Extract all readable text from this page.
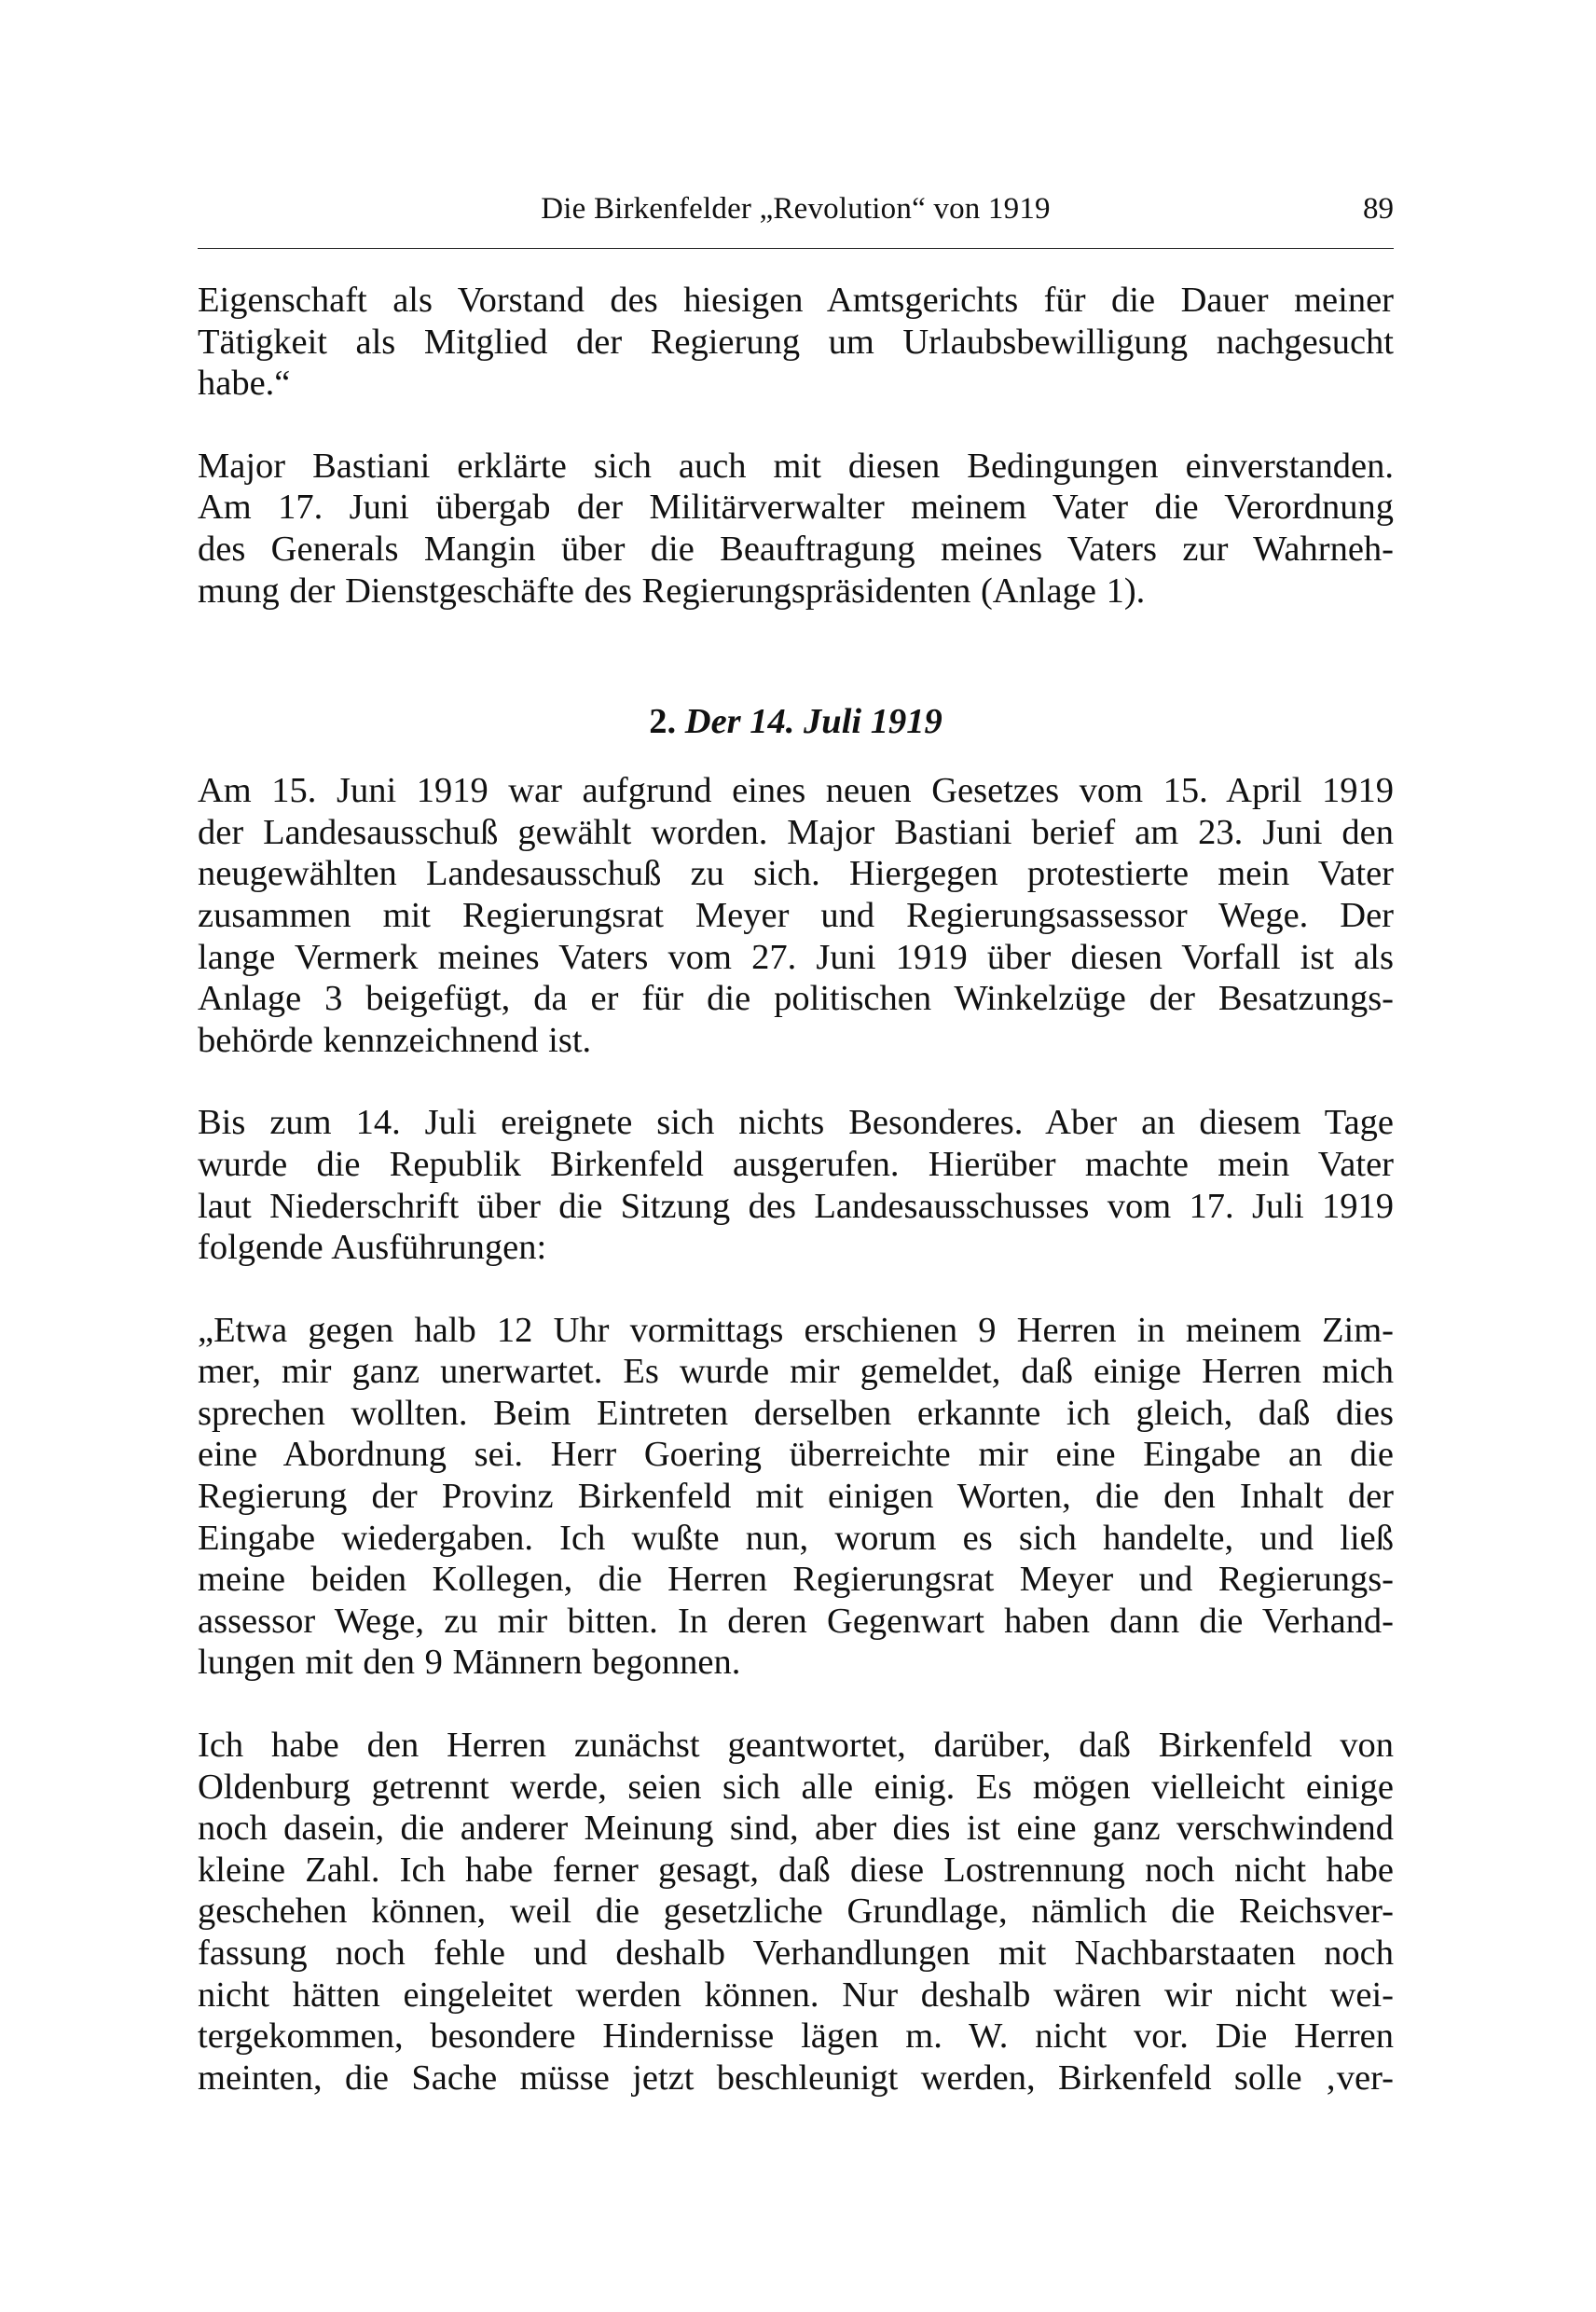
Die Birkenfelder „Revolution“ von 1919	89

Eigenschaft als Vorstand des hiesigen Amtsgerichts für die Dauer meiner
Tätigkeit als Mitglied der Regierung um Urlaubsbewilligung nachgesucht
habe.“

Major Bastiani erklärte sich auch mit diesen Bedingungen einverstanden.
Am 17. Juni übergab der Militärverwalter meinem Vater die Verordnung
des Generals Mangin über die Beauftragung meines Vaters zur Wahrneh-
mung der Dienstgeschäfte des Regierungspräsidenten (Anlage 1).

2. Der 14. Juli 1919

Am 15. Juni 1919 war aufgrund eines neuen Gesetzes vom 15. April 1919
der Landesausschuß gewählt worden. Major Bastiani berief am 23. Juni den
neugewählten Landesausschuß zu sich. Hiergegen protestierte mein Vater
zusammen mit Regierungsrat Meyer und Regierungsassessor Wege. Der
lange Vermerk meines Vaters vom 27. Juni 1919 über diesen Vorfall ist als
Anlage 3 beigefügt, da er für die politischen Winkelzüge der Besatzungs-
behörde kennzeichnend ist.

Bis zum 14. Juli ereignete sich nichts Besonderes. Aber an diesem Tage
wurde die Republik Birkenfeld ausgerufen. Hierüber machte mein Vater
laut Niederschrift über die Sitzung des Landesausschusses vom 17. Juli 1919
folgende Ausführungen:

„Etwa gegen halb 12 Uhr vormittags erschienen 9 Herren in meinem Zim-
mer, mir ganz unerwartet. Es wurde mir gemeldet, daß einige Herren mich
sprechen wollten. Beim Eintreten derselben erkannte ich gleich, daß dies
eine Abordnung sei. Herr Goering überreichte mir eine Eingabe an die
Regierung der Provinz Birkenfeld mit einigen Worten, die den Inhalt der
Eingabe wiedergaben. Ich wußte nun, worum es sich handelte, und ließ
meine beiden Kollegen, die Herren Regierungsrat Meyer und Regierungs-
assessor Wege, zu mir bitten. In deren Gegenwart haben dann die Verhand-
lungen mit den 9 Männern begonnen.

Ich habe den Herren zunächst geantwortet, darüber, daß Birkenfeld von
Oldenburg getrennt werde, seien sich alle einig. Es mögen vielleicht einige
noch dasein, die anderer Meinung sind, aber dies ist eine ganz verschwindend
kleine Zahl. Ich habe ferner gesagt, daß diese Lostrennung noch nicht habe
geschehen können, weil die gesetzliche Grundlage, nämlich die Reichsver-
fassung noch fehle und deshalb Verhandlungen mit Nachbarstaaten noch
nicht hätten eingeleitet werden können. Nur deshalb wären wir nicht wei-
tergekommen, besondere Hindernisse lägen m. W. nicht vor. Die Herren
meinten, die Sache müsse jetzt beschleunigt werden, Birkenfeld solle ‚ver-
